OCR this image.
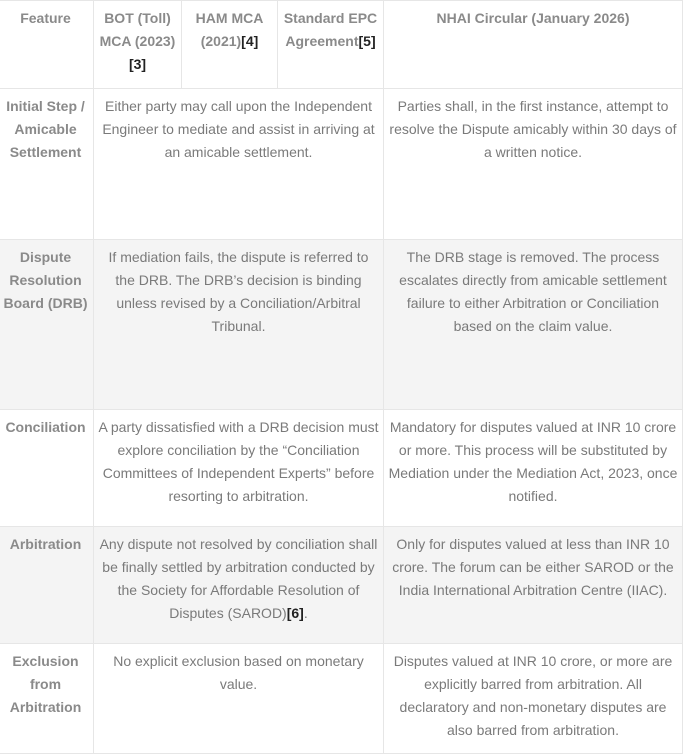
Feature	BOT (Toll) MCA (2023)[3]	HAM MCA (2021)[4]	Standard EPC Agreement[5]	NHAI Circular (January 2026)
Initial Step / Amicable Settlement	Either party may call upon the Independent Engineer to mediate and assist in arriving at an amicable settlement.			Parties shall, in the first instance, attempt to resolve the Dispute amicably within 30 days of a written notice.
Dispute Resolution Board (DRB)	If mediation fails, the dispute is referred to the DRB. The DRB’s decision is binding unless revised by a Conciliation/Arbitral Tribunal.			The DRB stage is removed. The process escalates directly from amicable settlement failure to either Arbitration or Conciliation based on the claim value.
Conciliation	A party dissatisfied with a DRB decision must explore conciliation by the “Conciliation Committees of Independent Experts” before resorting to arbitration.			Mandatory for disputes valued at INR 10 crore or more. This process will be substituted by Mediation under the Mediation Act, 2023, once notified.
Arbitration	Any dispute not resolved by conciliation shall be finally settled by arbitration conducted by the Society for Affordable Resolution of Disputes (SAROD)[6].			Only for disputes valued at less than INR 10 crore. The forum can be either SAROD or the India International Arbitration Centre (IIAC).
Exclusion from Arbitration	No explicit exclusion based on monetary value.			Disputes valued at INR 10 crore, or more are explicitly barred from arbitration. All declaratory and non-monetary disputes are also barred from arbitration.
